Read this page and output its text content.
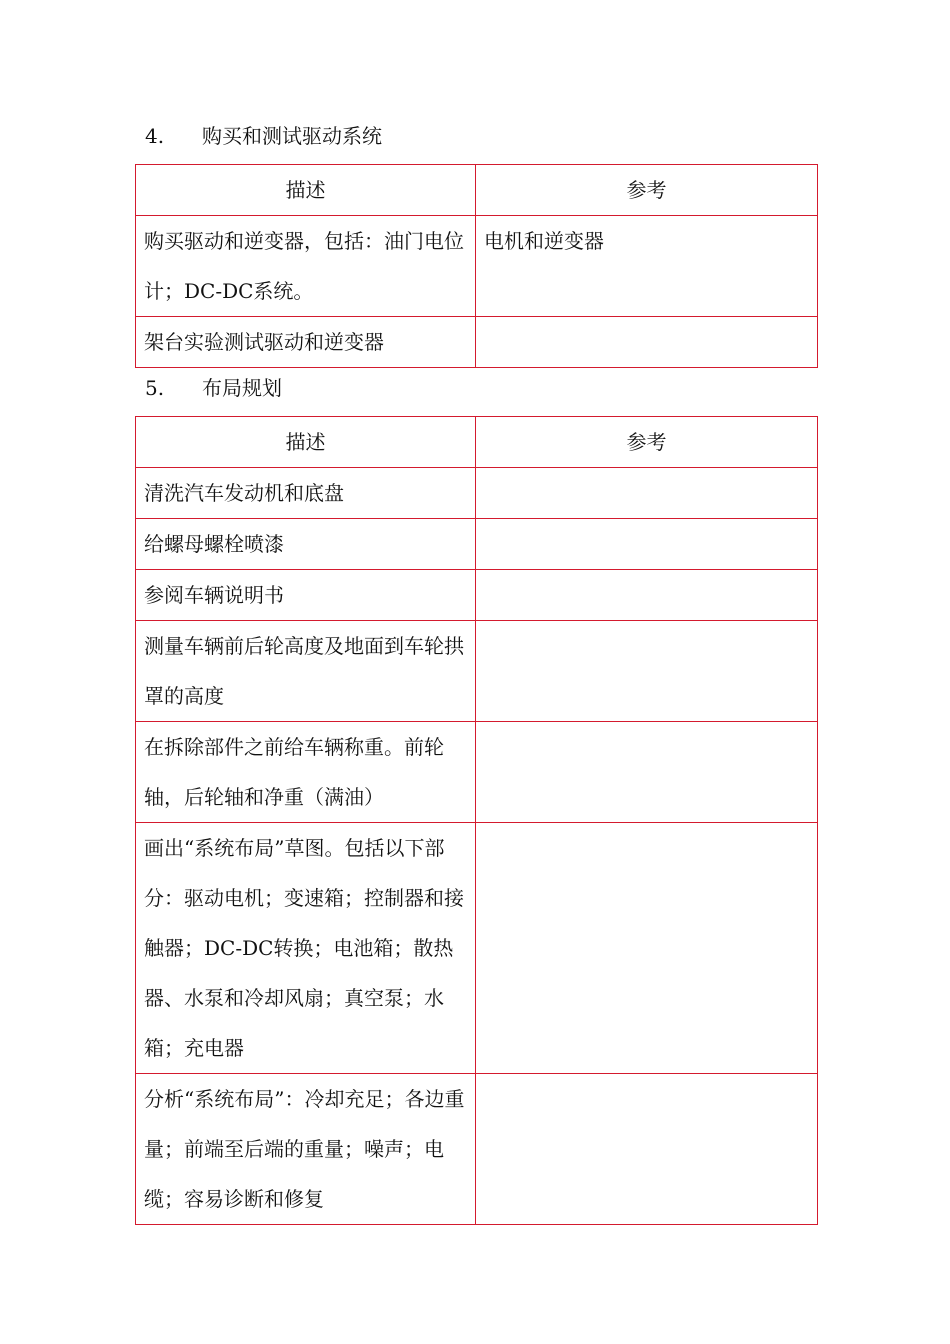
4. 购买和测试驱动系统
描述	参考
购买驱动和逆变器，包括：油门电位计；DC-DC系统。	电机和逆变器
架台实验测试驱动和逆变器	
5. 布局规划
描述	参考
清洗汽车发动机和底盘	
给螺母螺栓喷漆	
参阅车辆说明书	
测量车辆前后轮高度及地面到车轮拱罩的高度	
在拆除部件之前给车辆称重。前轮轴，后轮轴和净重（满油）	
画出“系统布局”草图。包括以下部分：驱动电机；变速箱；控制器和接触器；DC-DC转换；电池箱；散热器、水泵和冷却风扇；真空泵；水箱；充电器	
分析“系统布局”：冷却充足；各边重量；前端至后端的重量；噪声；电缆；容易诊断和修复	
